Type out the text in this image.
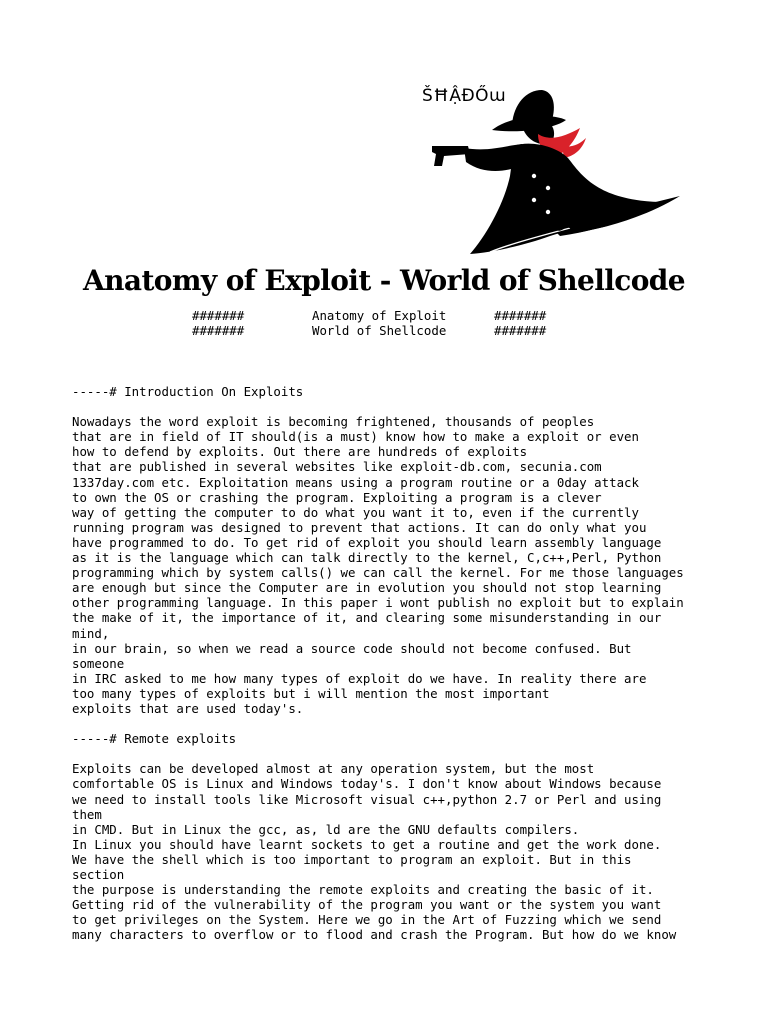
ŠĦẬĐŐɯ
Anatomy of Exploit - World of Shellcode
#######	Anatomy of Exploit	#######
#######	World of Shellcode	#######
-----# Introduction On Exploits

Nowadays the word exploit is becoming frightened, thousands of peoples
that are in field of IT should(is a must) know how to make a exploit or even
how to defend by exploits. Out there are hundreds of exploits
that are published in several websites like exploit-db.com, secunia.com
1337day.com etc. Exploitation means using a program routine or a 0day attack
to own the OS or crashing the program. Exploiting a program is a clever
way of getting the computer to do what you want it to, even if the currently
running program was designed to prevent that actions. It can do only what you
have programmed to do. To get rid of exploit you should learn assembly language
as it is the language which can talk directly to the kernel, C,c++,Perl, Python
programming which by system calls() we can call the kernel. For me those languages
are enough but since the Computer are in evolution you should not stop learning
other programming language. In this paper i wont publish no exploit but to explain
the make of it, the importance of it, and clearing some misunderstanding in our
mind,
in our brain, so when we read a source code should not become confused. But
someone
in IRC asked to me how many types of exploit do we have. In reality there are
too many types of exploits but i will mention the most important
exploits that are used today's.

-----# Remote exploits

Exploits can be developed almost at any operation system, but the most
comfortable OS is Linux and Windows today's. I don't know about Windows because
we need to install tools like Microsoft visual c++,python 2.7 or Perl and using
them
in CMD. But in Linux the gcc, as, ld are the GNU defaults compilers.
In Linux you should have learnt sockets to get a routine and get the work done.
We have the shell which is too important to program an exploit. But in this
section
the purpose is understanding the remote exploits and creating the basic of it.
Getting rid of the vulnerability of the program you want or the system you want
to get privileges on the System. Here we go in the Art of Fuzzing which we send
many characters to overflow or to flood and crash the Program. But how do we know
